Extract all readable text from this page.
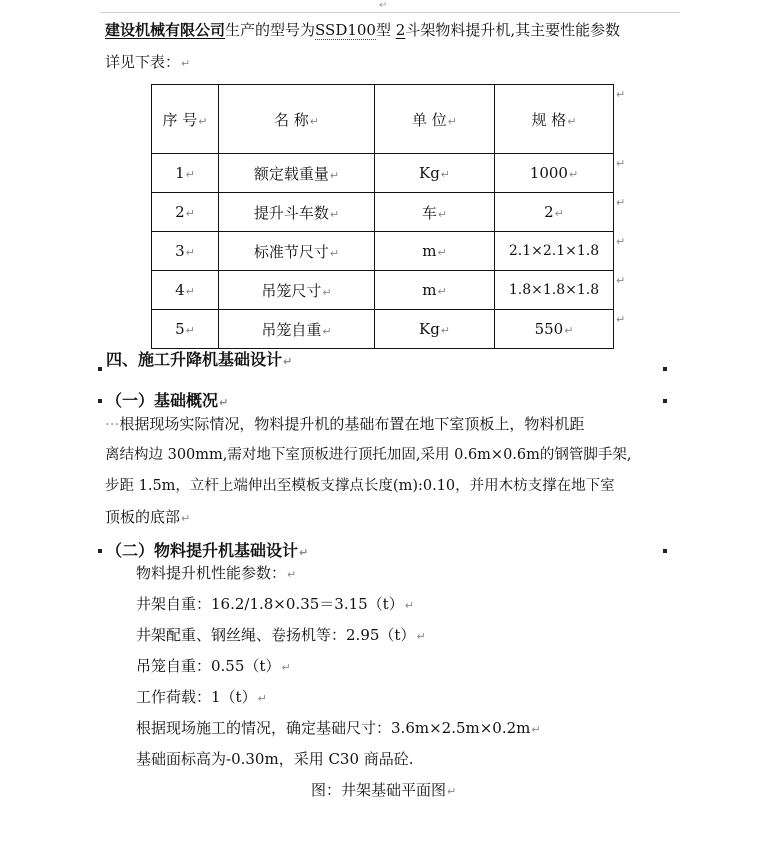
↵
建设机械有限公司生产的型号为SSD100型 2斗架物料提升机,其主要性能参数
详见下表：↵
序 号↵	名 称↵	单 位↵	规 格↵
1↵	额定载重量↵	Kg↵	1000↵
2↵	提升斗车数↵	车↵	2↵
3↵	标准节尺寸↵	m↵	2.1×2.1×1.8
4↵	吊笼尺寸↵	m↵	1.8×1.8×1.8
5↵	吊笼自重↵	Kg↵	550↵
↵
↵
↵
↵
↵
↵
四、施工升降机基础设计↵
（一）基础概况↵
···根据现场实际情况，物料提升机的基础布置在地下室顶板上，物料机距
离结构边 300mm,需对地下室顶板进行顶托加固,采用 0.6m×0.6m的钢管脚手架,
步距 1.5m，立杆上端伸出至模板支撑点长度(m):0.10，并用木枋支撑在地下室
顶板的底部↵
（二）物料提升机基础设计↵
物料提升机性能参数：↵
井架自重：16.2/1.8×0.35＝3.15（t）↵
井架配重、钢丝绳、卷扬机等：2.95（t）↵
吊笼自重：0.55（t）↵
工作荷载：1（t）↵
根据现场施工的情况，确定基础尺寸：3.6m×2.5m×0.2m↵
基础面标高为-0.30m，采用 C30 商品砼.
图：井架基础平面图↵
